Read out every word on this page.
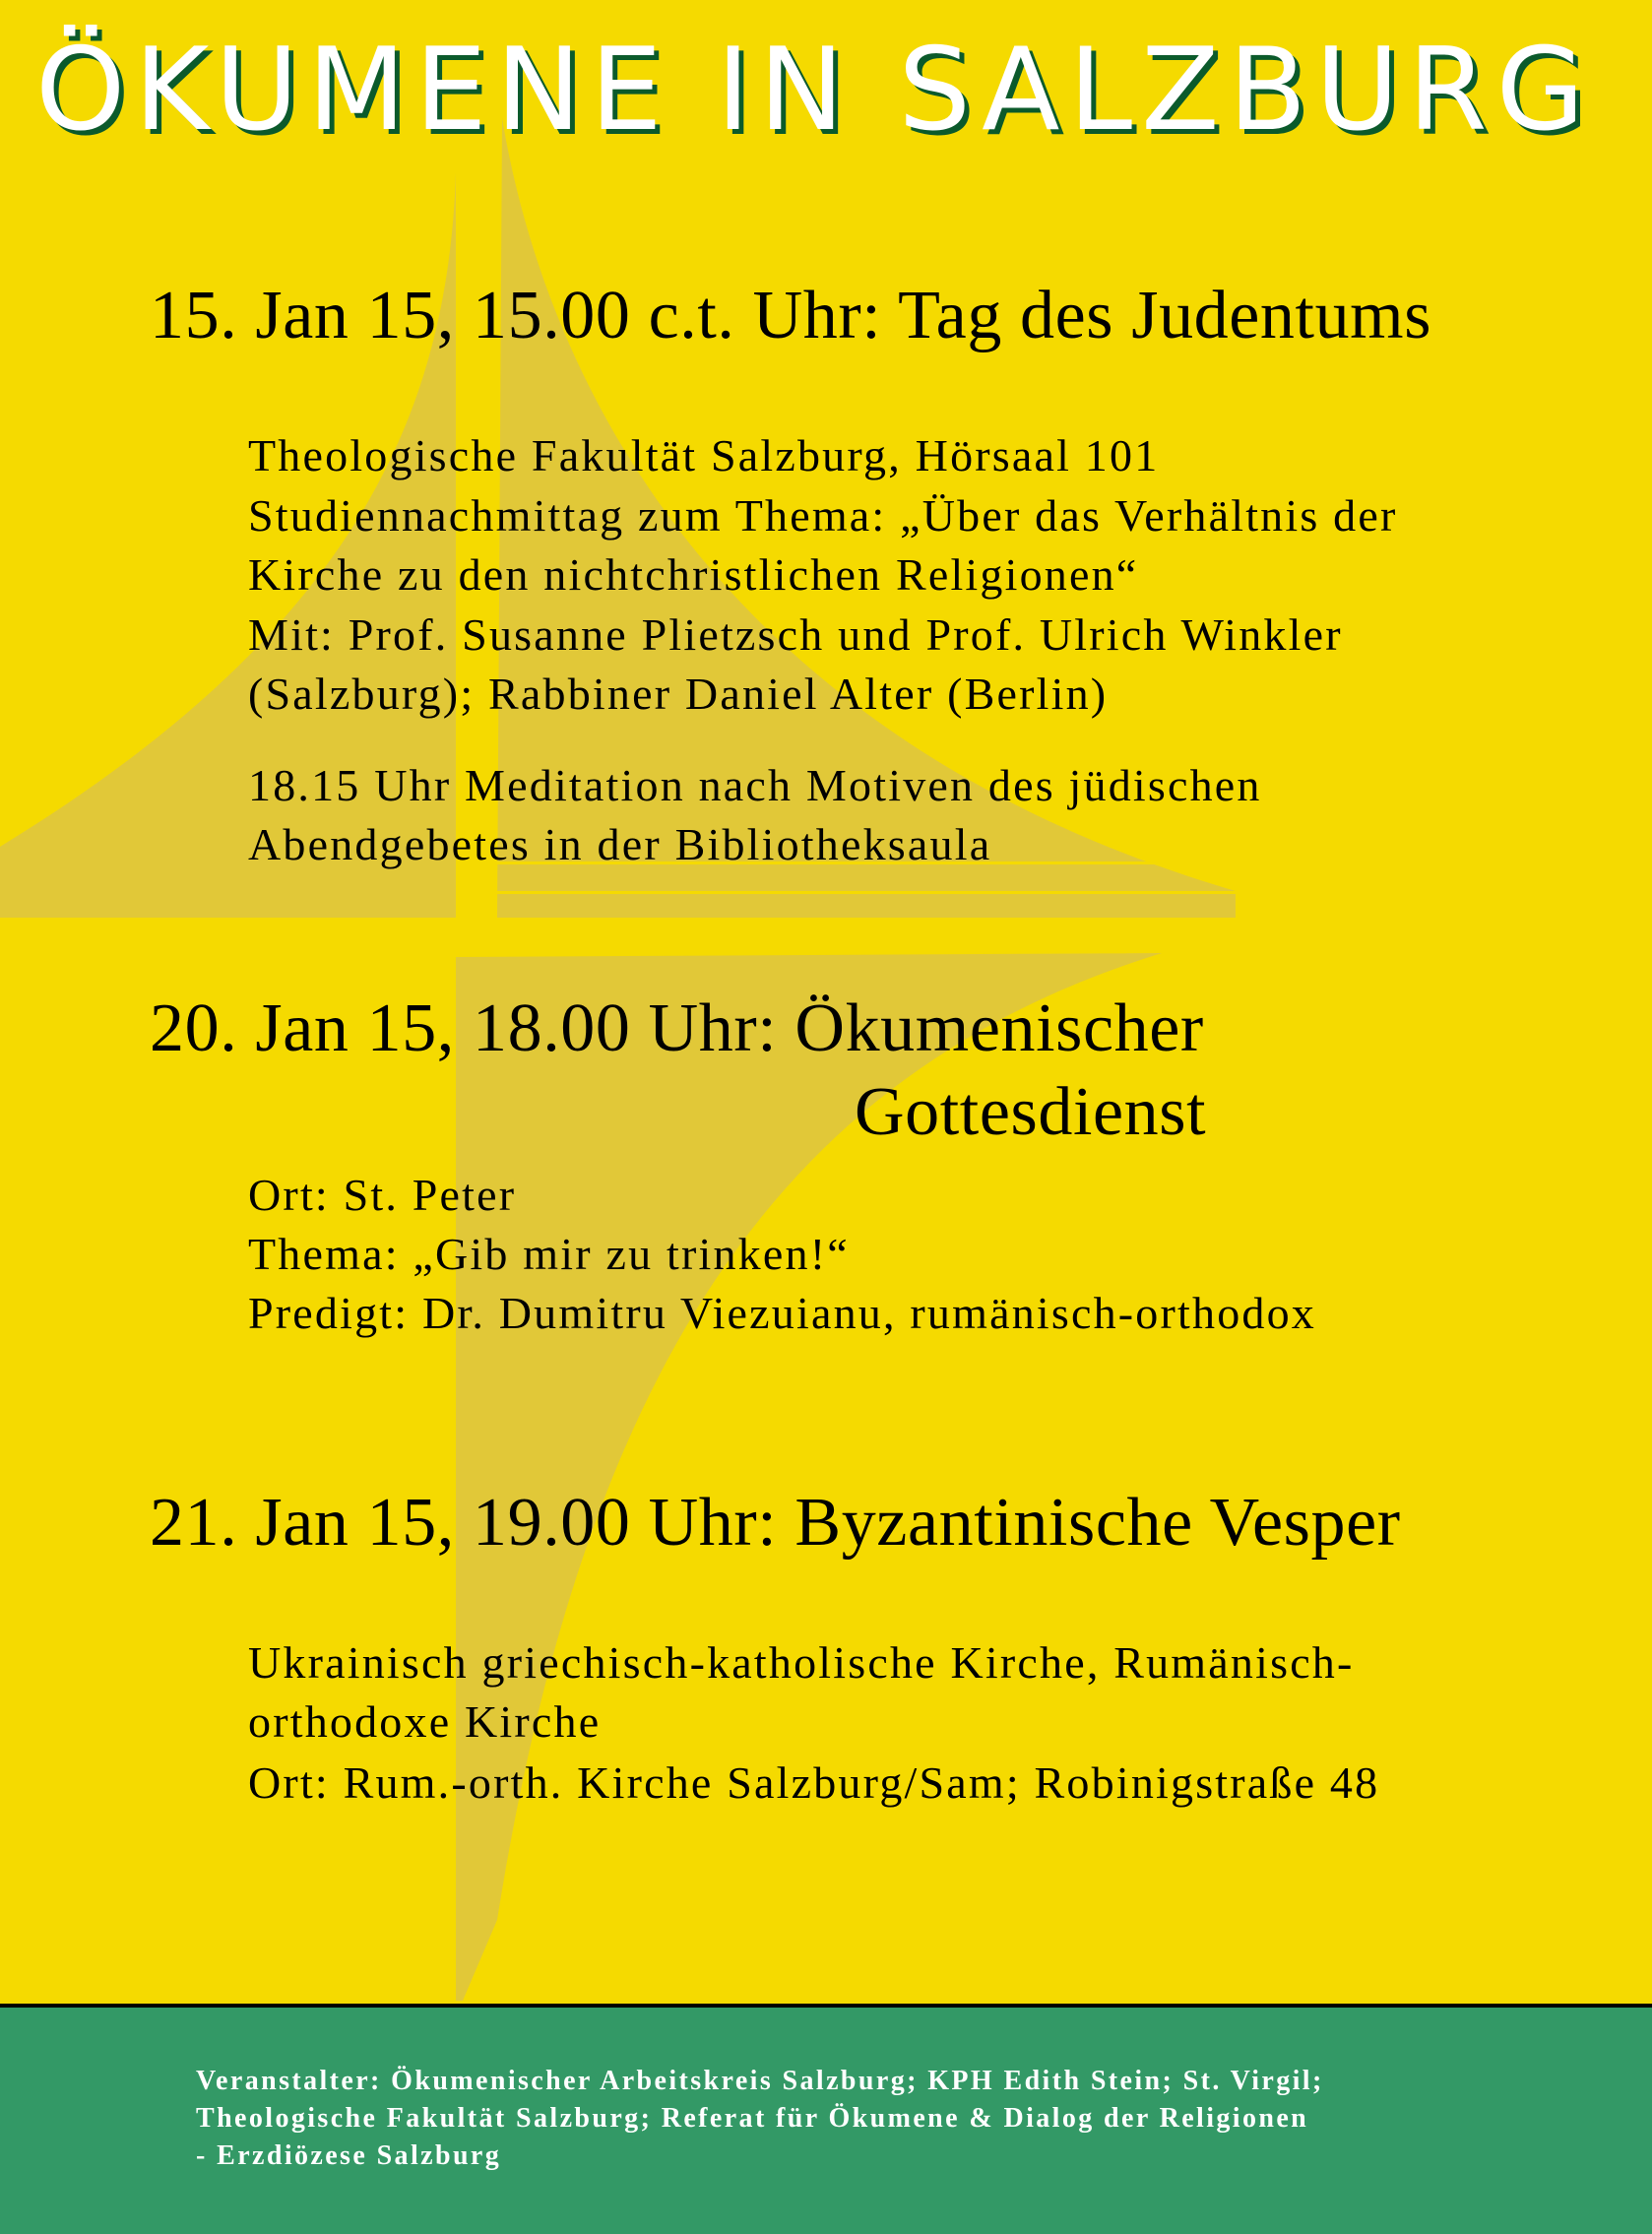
ÖKUMENE IN SALZBURG
15. Jan 15, 15.00 c.t. Uhr: Tag des Judentums

Theologische Fakultät Salzburg, Hörsaal 101

Studiennachmittag zum Thema: „Über das Verhältnis der

Kirche zu den nichtchristlichen Religionen“

Mit: Prof. Susanne Plietzsch und Prof. Ulrich Winkler

(Salzburg); Rabbiner Daniel Alter (Berlin)

18.15 Uhr Meditation nach Motiven des jüdischen

Abendgebetes in der Bibliotheksaula

20. Jan 15, 18.00 Uhr: Ökumenischer
Gottesdienst

Ort: St. Peter

Thema: „Gib mir zu trinken!“

Predigt: Dr. Dumitru Viezuianu, rumänisch-orthodox

21. Jan 15, 19.00 Uhr: Byzantinische Vesper

Ukrainisch griechisch-katholische Kirche, Rumänisch-

orthodoxe Kirche

Ort: Rum.-orth. Kirche Salzburg/Sam; Robinigstraße 48

Veranstalter: Ökumenischer Arbeitskreis Salzburg; KPH Edith Stein; St. Virgil;

Theologische Fakultät Salzburg; Referat für Ökumene & Dialog der Religionen

- Erzdiözese Salzburg
